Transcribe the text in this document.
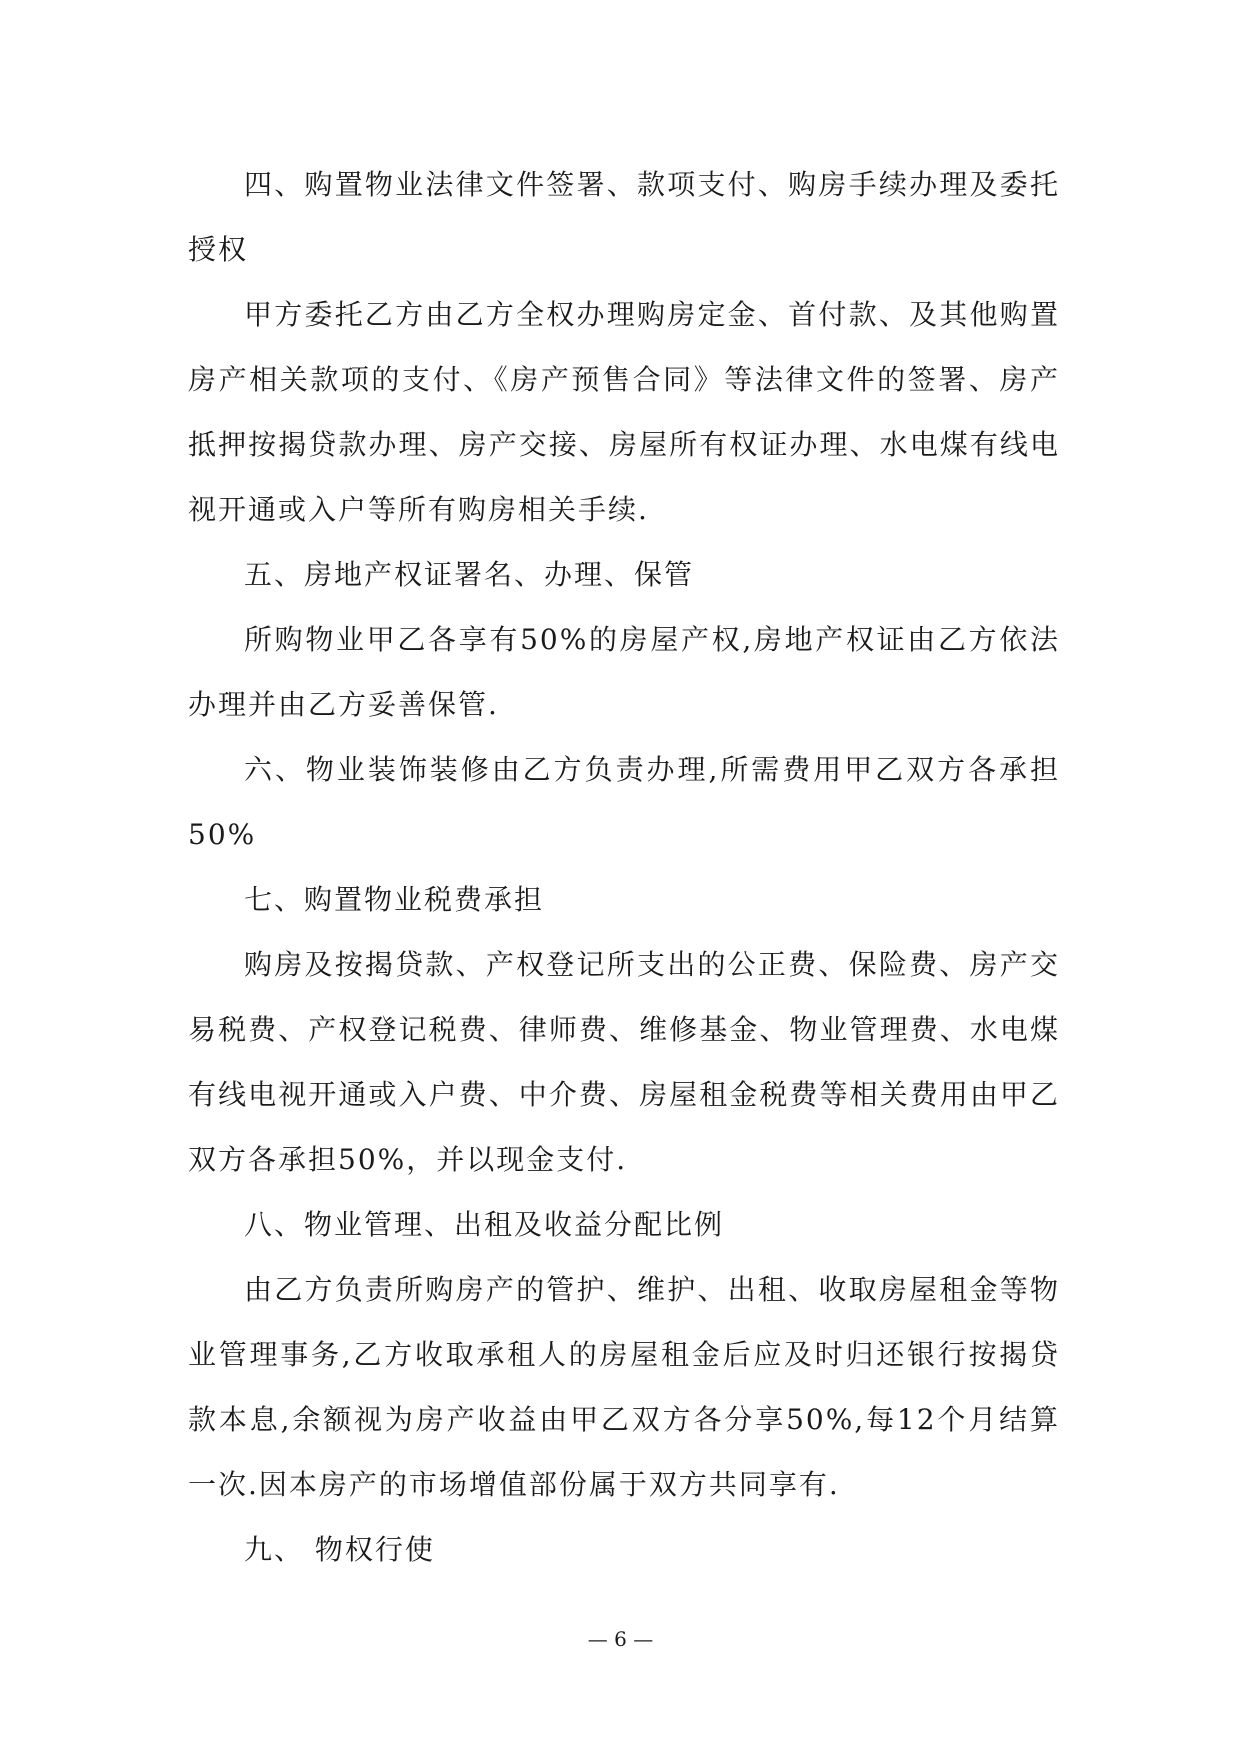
四、购置物业法律文件签署、款项支付、购房手续办理及委托授权

甲方委托乙方由乙方全权办理购房定金、首付款、及其他购置房产相关款项的支付、《房产预售合同》等法律文件的签署、房产抵押按揭贷款办理、房产交接、房屋所有权证办理、水电煤有线电视开通或入户等所有购房相关手续.

五、房地产权证署名、办理、保管

所购物业甲乙各享有50%的房屋产权,房地产权证由乙方依法办理并由乙方妥善保管.

六、物业装饰装修由乙方负责办理,所需费用甲乙双方各承担50%

七、购置物业税费承担

购房及按揭贷款、产权登记所支出的公正费、保险费、房产交易税费、产权登记税费、律师费、维修基金、物业管理费、水电煤有线电视开通或入户费、中介费、房屋租金税费等相关费用由甲乙双方各承担50%，并以现金支付.

八、物业管理、出租及收益分配比例

由乙方负责所购房产的管护、维护、出租、收取房屋租金等物业管理事务,乙方收取承租人的房屋租金后应及时归还银行按揭贷款本息,余额视为房产收益由甲乙双方各分享50%,每12个月结算一次.因本房产的市场增值部份属于双方共同享有.

九、 物权行使

— 6 —
